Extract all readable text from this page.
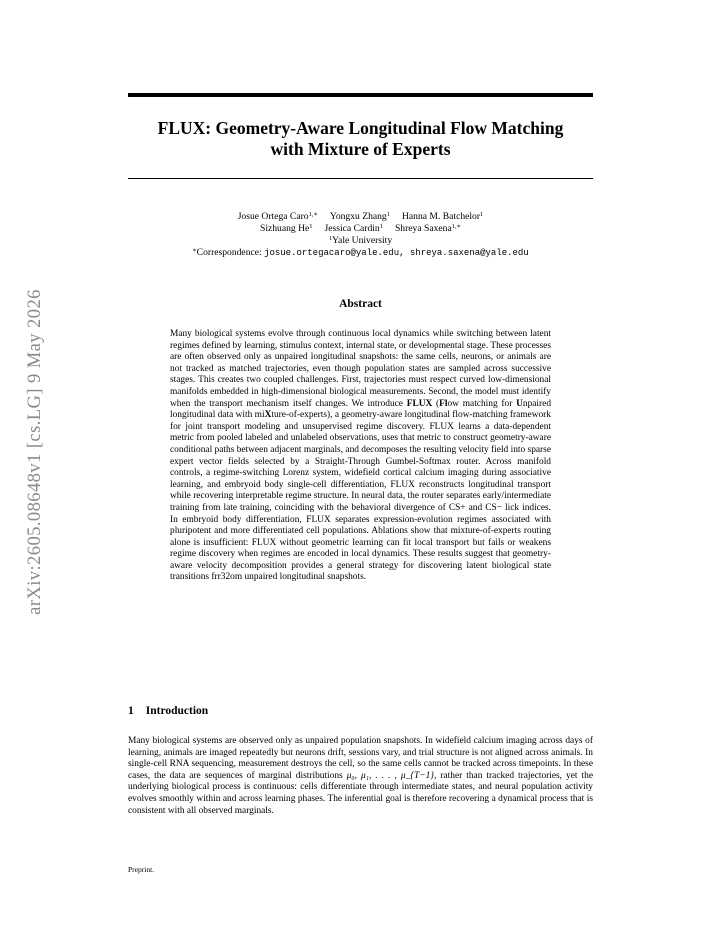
arXiv:2605.08648v1 [cs.LG] 9 May 2026
FLUX: Geometry-Aware Longitudinal Flow Matching
with Mixture of Experts
Josue Ortega Caro$^{1,∗}$ Yongxu Zhang$^1$ Hanna M. Batchelor$^1$
Sizhuang He$^1$ Jessica Cardin$^1$ Shreya Saxena$^{1,∗}$
$^1$Yale University
∗Correspondence: josue.ortegacaro@yale.edu, shreya.saxena@yale.edu
Abstract
Many biological systems evolve through continuous local dynamics while switching between latent regimes defined by learning, stimulus context, internal state, or developmental stage. These processes are often observed only as unpaired longitudinal snapshots: the same cells, neurons, or animals are not tracked as matched trajectories, even though population states are sampled across successive stages. This creates two coupled challenges. First, trajectories must respect curved low-dimensional manifolds embedded in high-dimensional biological measurements. Second, the model must identify when the transport mechanism itself changes. We introduce FLUX (Flow matching for Unpaired longitudinal data with miXture-of-experts), a geometry-aware longitudinal flow-matching framework for joint transport modeling and unsupervised regime discovery. FLUX learns a data-dependent metric from pooled labeled and unlabeled observations, uses that metric to construct geometry-aware conditional paths between adjacent marginals, and decomposes the resulting velocity field into sparse expert vector fields selected by a Straight-Through Gumbel-Softmax router. Across manifold controls, a regime-switching Lorenz system, widefield cortical calcium imaging during associative learning, and embryoid body single-cell differentiation, FLUX reconstructs longitudinal transport while recovering interpretable regime structure. In neural data, the router separates early/intermediate training from late training, coinciding with the behavioral divergence of CS+ and CS− lick indices. In embryoid body differentiation, FLUX separates expression-evolution regimes associated with pluripotent and more differentiated cell populations. Ablations show that mixture-of-experts routing alone is insufficient: FLUX without geometric learning can fit local transport but fails or weakens regime discovery when regimes are encoded in local dynamics. These results suggest that geometry-aware velocity decomposition provides a general strategy for discovering latent biological state transitions frr32om unpaired longitudinal snapshots.
1 Introduction
Many biological systems are observed only as unpaired population snapshots. In widefield calcium imaging across days of learning, animals are imaged repeatedly but neurons drift, sessions vary, and trial structure is not aligned across animals. In single-cell RNA sequencing, measurement destroys the cell, so the same cells cannot be tracked across timepoints. In these cases, the data are sequences of marginal distributions μ₀, μ₁, . . . , μ_{T−1}, rather than tracked trajectories, yet the underlying biological process is continuous: cells differentiate through intermediate states, and neural population activity evolves smoothly within and across learning phases. The inferential goal is therefore recovering a dynamical process that is consistent with all observed marginals.
Preprint.
